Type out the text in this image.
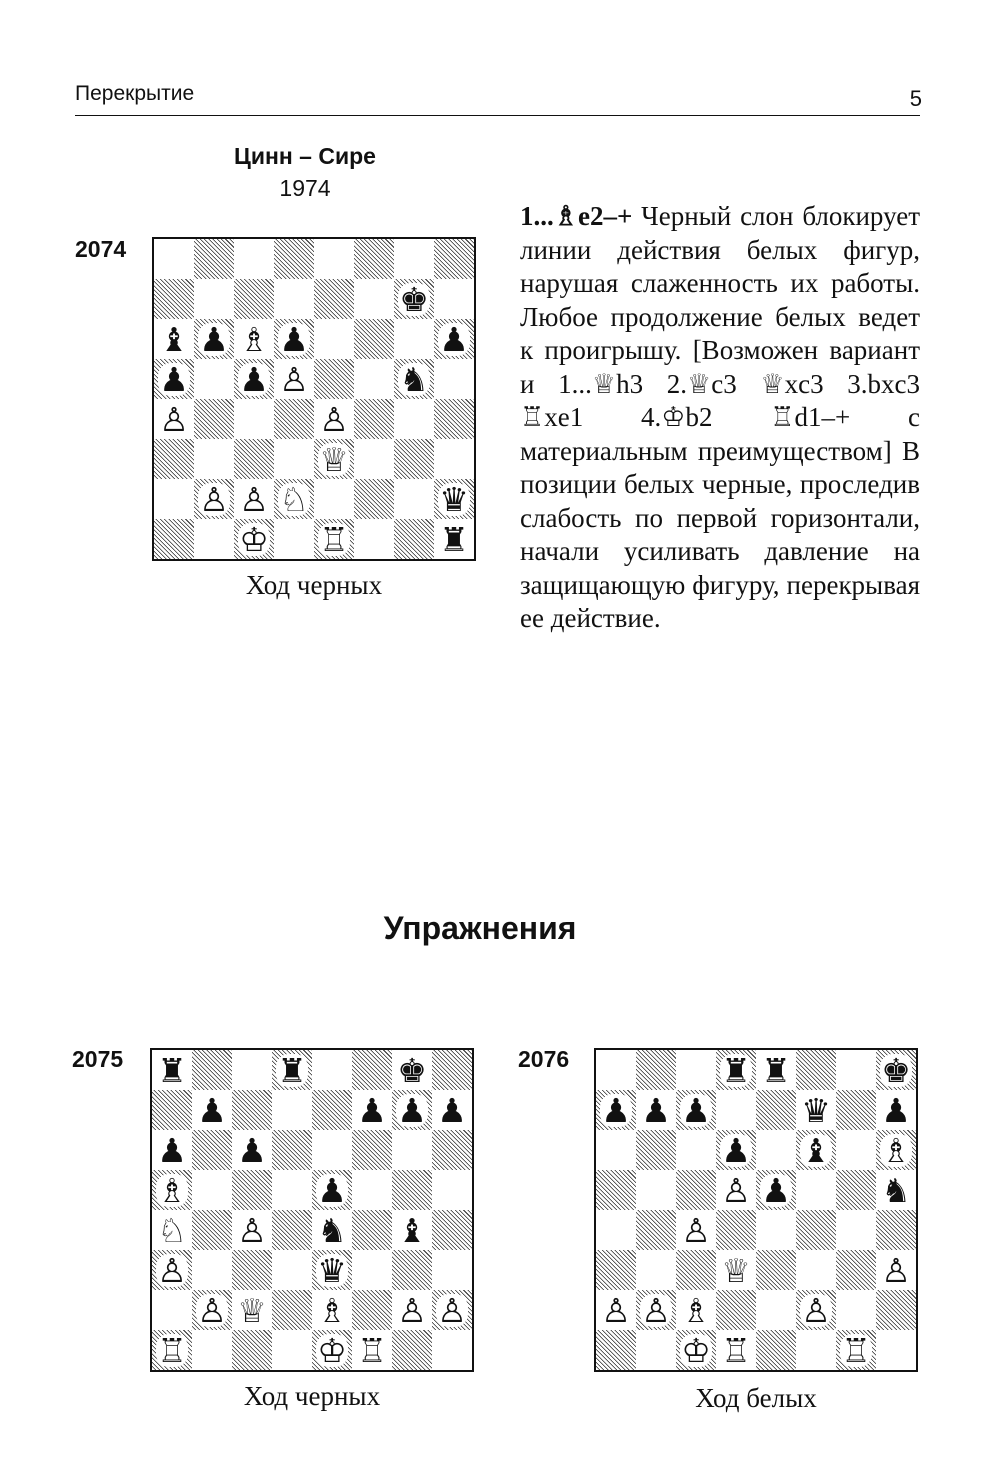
Перекрытие	5
Цинн – Сире
1974
2074
♚
♝ ♟ ♗ ♟	♟
♟ ♟ ♙	♞
♙	♙
♕
♙ ♙ ♘	♛
♔ ♖	♜
Ход черных

1...♗e2–+ Черный слон блокирует линии действия белых фигур, нарушая слаженность их работы. Любое продолжение белых ведет к проигрышу. [Возможен вариант и 1...♕h3 2.♕c3 ♕xc3 3.bxc3 ♖xe1 4.♔b2 ♖d1–+ с материальным преимуществом] В позиции белых черные, проследив слабость по первой горизонтали, начали усиливать давление на защищающую фигуру, перекрывая ее действие.

Упражнения
2075 ♜	♜	♚
♟	♟ ♟ ♟
♟ ♟
♗	♟
♘ ♙ ♞ ♝
♙	♛
♙ ♕ ♗ ♙ ♙
♖	♔ ♖
Ход черных
2076	♜ ♜	♚
♟ ♟ ♟	♛ ♟
♟ ♝ ♗
♙ ♟	♞
♙
♕	♙
♙ ♙ ♗	♙
♔ ♖	♖
Ход белых
